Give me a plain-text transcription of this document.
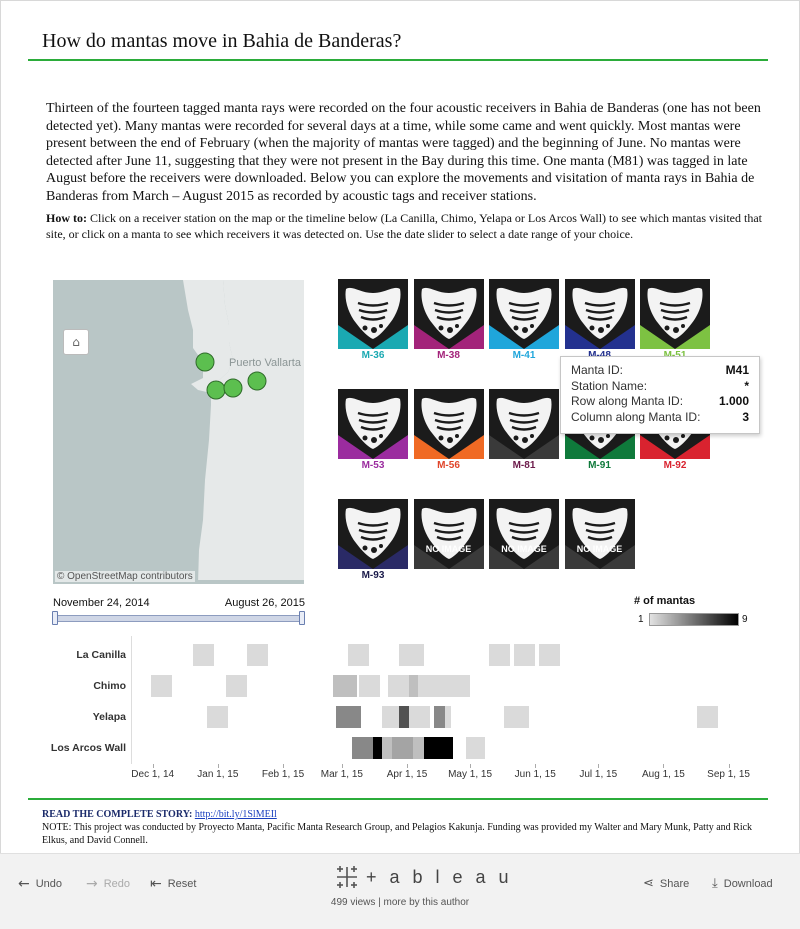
How do mantas move in Bahia de Banderas?

Thirteen of the fourteen tagged manta rays were recorded on the four acoustic receivers in Bahia de Banderas (one has not been detected yet). Many mantas were recorded for several days at a time, while some came and went quickly. Most mantas were present between the end of February (when the majority of mantas were tagged) and the beginning of June. No mantas were detected after June 11, suggesting that they were not present in the Bay during this time. One manta (M81) was tagged in late August before the receivers were downloaded. Below you can explore the movements and visitation of manta rays in Bahia de Banderas from March – August 2015 as recorded by acoustic tags and receiver stations.

How to: Click on a receiver station on the map or the timeline below (La Canilla, Chimo, Yelapa or Los Arcos Wall) to see which mantas visited that site, or click on a manta to see which receivers it was detected on. Use the date slider to select a date range of your choice.

⌂
Puerto Vallarta
© OpenStreetMap contributors
M-36	M-38	M-41
M-53	M-56	M-81	M-91	M-92
M-93
NO IMAGE	NO IMAGE	NO IMAGE
Manta ID:	M41
Station Name:	*
Row along Manta ID:	1.000
Column along Manta ID:	3
November 24, 2014	August 26, 2015	# of mantas
1	9
La Canilla
Chimo
Yelapa
Los Arcos Wall
Dec 1, 14 Jan 1, 15 Feb 1, 15 Mar 1, 15 Apr 1, 15 May 1, 15 Jun 1, 15 Jul 1, 15 Aug 1, 15 Sep 1, 15
READ THE COMPLETE STORY: http://bit.ly/1SlMEIl
NOTE: This project was conducted by Proyecto Manta, Pacific Manta Research Group, and Pelagios Kakunja. Funding was provided my Walter and Mary Munk, Patty and Rick Elkus, and David Connell.
← Undo → Redo ⇤ Reset	+ a b l e a u
499 views | more by this author
⋖ Share ⤓ Download
